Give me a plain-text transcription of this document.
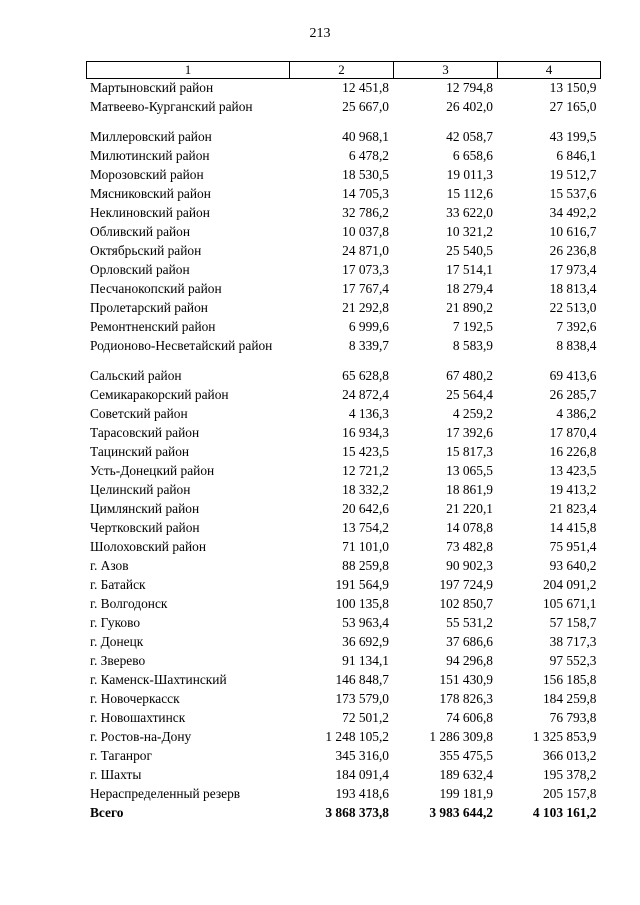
213
1	2	3	4
Мартыновский район	12 451,8	12 794,8	13 150,9
Матвеево-Курганский район	25 667,0	26 402,0	27 165,0
Миллеровский район	40 968,1	42 058,7	43 199,5
Милютинский район	6 478,2	6 658,6	6 846,1
Морозовский район	18 530,5	19 011,3	19 512,7
Мясниковский район	14 705,3	15 112,6	15 537,6
Неклиновский район	32 786,2	33 622,0	34 492,2
Обливский район	10 037,8	10 321,2	10 616,7
Октябрьский район	24 871,0	25 540,5	26 236,8
Орловский район	17 073,3	17 514,1	17 973,4
Песчанокопский район	17 767,4	18 279,4	18 813,4
Пролетарский район	21 292,8	21 890,2	22 513,0
Ремонтненский район	6 999,6	7 192,5	7 392,6
Родионово-Несветайский район	8 339,7	8 583,9	8 838,4
Сальский район	65 628,8	67 480,2	69 413,6
Семикаракорский район	24 872,4	25 564,4	26 285,7
Советский район	4 136,3	4 259,2	4 386,2
Тарасовский район	16 934,3	17 392,6	17 870,4
Тацинский район	15 423,5	15 817,3	16 226,8
Усть-Донецкий район	12 721,2	13 065,5	13 423,5
Целинский район	18 332,2	18 861,9	19 413,2
Цимлянский район	20 642,6	21 220,1	21 823,4
Чертковский район	13 754,2	14 078,8	14 415,8
Шолоховский район	71 101,0	73 482,8	75 951,4
г. Азов	88 259,8	90 902,3	93 640,2
г. Батайск	191 564,9	197 724,9	204 091,2
г. Волгодонск	100 135,8	102 850,7	105 671,1
г. Гуково	53 963,4	55 531,2	57 158,7
г. Донецк	36 692,9	37 686,6	38 717,3
г. Зверево	91 134,1	94 296,8	97 552,3
г. Каменск-Шахтинский	146 848,7	151 430,9	156 185,8
г. Новочеркасск	173 579,0	178 826,3	184 259,8
г. Новошахтинск	72 501,2	74 606,8	76 793,8
г. Ростов-на-Дону	1 248 105,2	1 286 309,8	1 325 853,9
г. Таганрог	345 316,0	355 475,5	366 013,2
г. Шахты	184 091,4	189 632,4	195 378,2
Нераспределенный резерв	193 418,6	199 181,9	205 157,8
Всего	3 868 373,8	3 983 644,2	4 103 161,2
